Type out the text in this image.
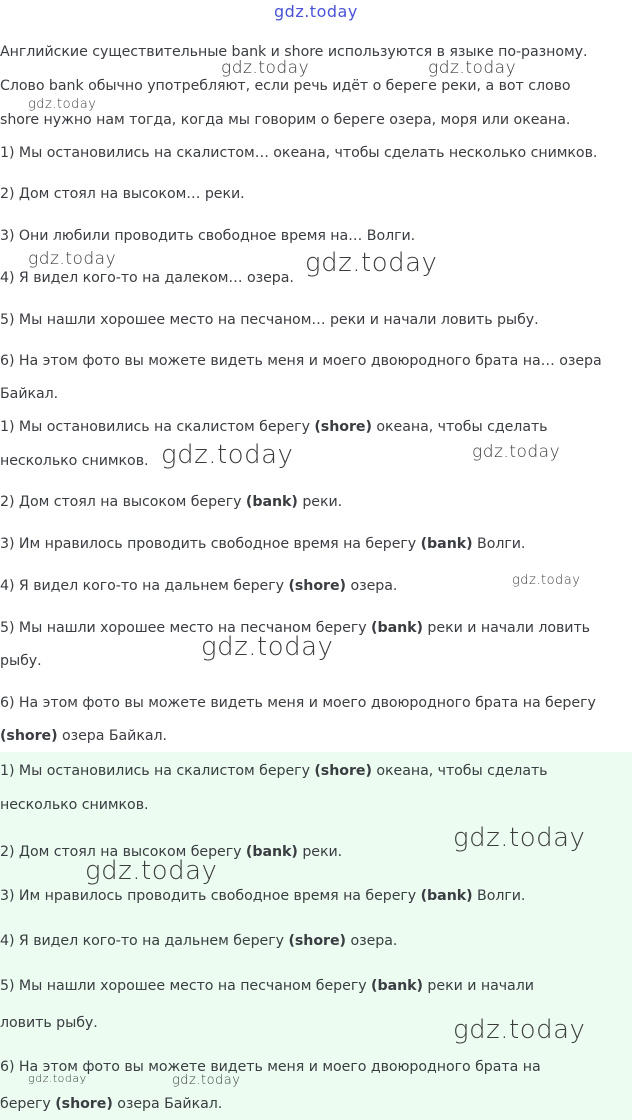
gdz.today
Английские существительные bank и shore используются в языке по-разному.
Слово bank обычно употребляют, если речь идёт о береге реки, а вот слово
shore нужно нам тогда, когда мы говорим о береге озера, моря или океана.
1) Мы остановились на скалистом… океана, чтобы сделать несколько снимков.
2) Дом стоял на высоком… реки.
3) Они любили проводить свободное время на… Волги.
4) Я видел кого-то на далеком… озера.
5) Мы нашли хорошее место на песчаном… реки и начали ловить рыбу.
6) На этом фото вы можете видеть меня и моего двоюродного брата на… озера
Байкал.
1) Мы остановились на скалистом берегу (shore) океана, чтобы сделать
несколько снимков.
2) Дом стоял на высоком берегу (bank) реки.
3) Им нравилось проводить свободное время на берегу (bank) Волги.
4) Я видел кого-то на дальнем берегу (shore) озера.
5) Мы нашли хорошее место на песчаном берегу (bank) реки и начали ловить
рыбу.
6) На этом фото вы можете видеть меня и моего двоюродного брата на берегу
(shore) озера Байкал.
1) Мы остановились на скалистом берегу (shore) океана, чтобы сделать
несколько снимков.
2) Дом стоял на высоком берегу (bank) реки.
3) Им нравилось проводить свободное время на берегу (bank) Волги.
4) Я видел кого-то на дальнем берегу (shore) озера.
5) Мы нашли хорошее место на песчаном берегу (bank) реки и начали
ловить рыбу.
6) На этом фото вы можете видеть меня и моего двоюродного брата на
берегу (shore) озера Байкал.
gdz.today	gdz.today
gdz.today
gdz.today	gdz.today
gdz.today	gdz.today
gdz.today
gdz.today
gdz.today
gdz.today
gdz.today
gdz.today	gdz.today
